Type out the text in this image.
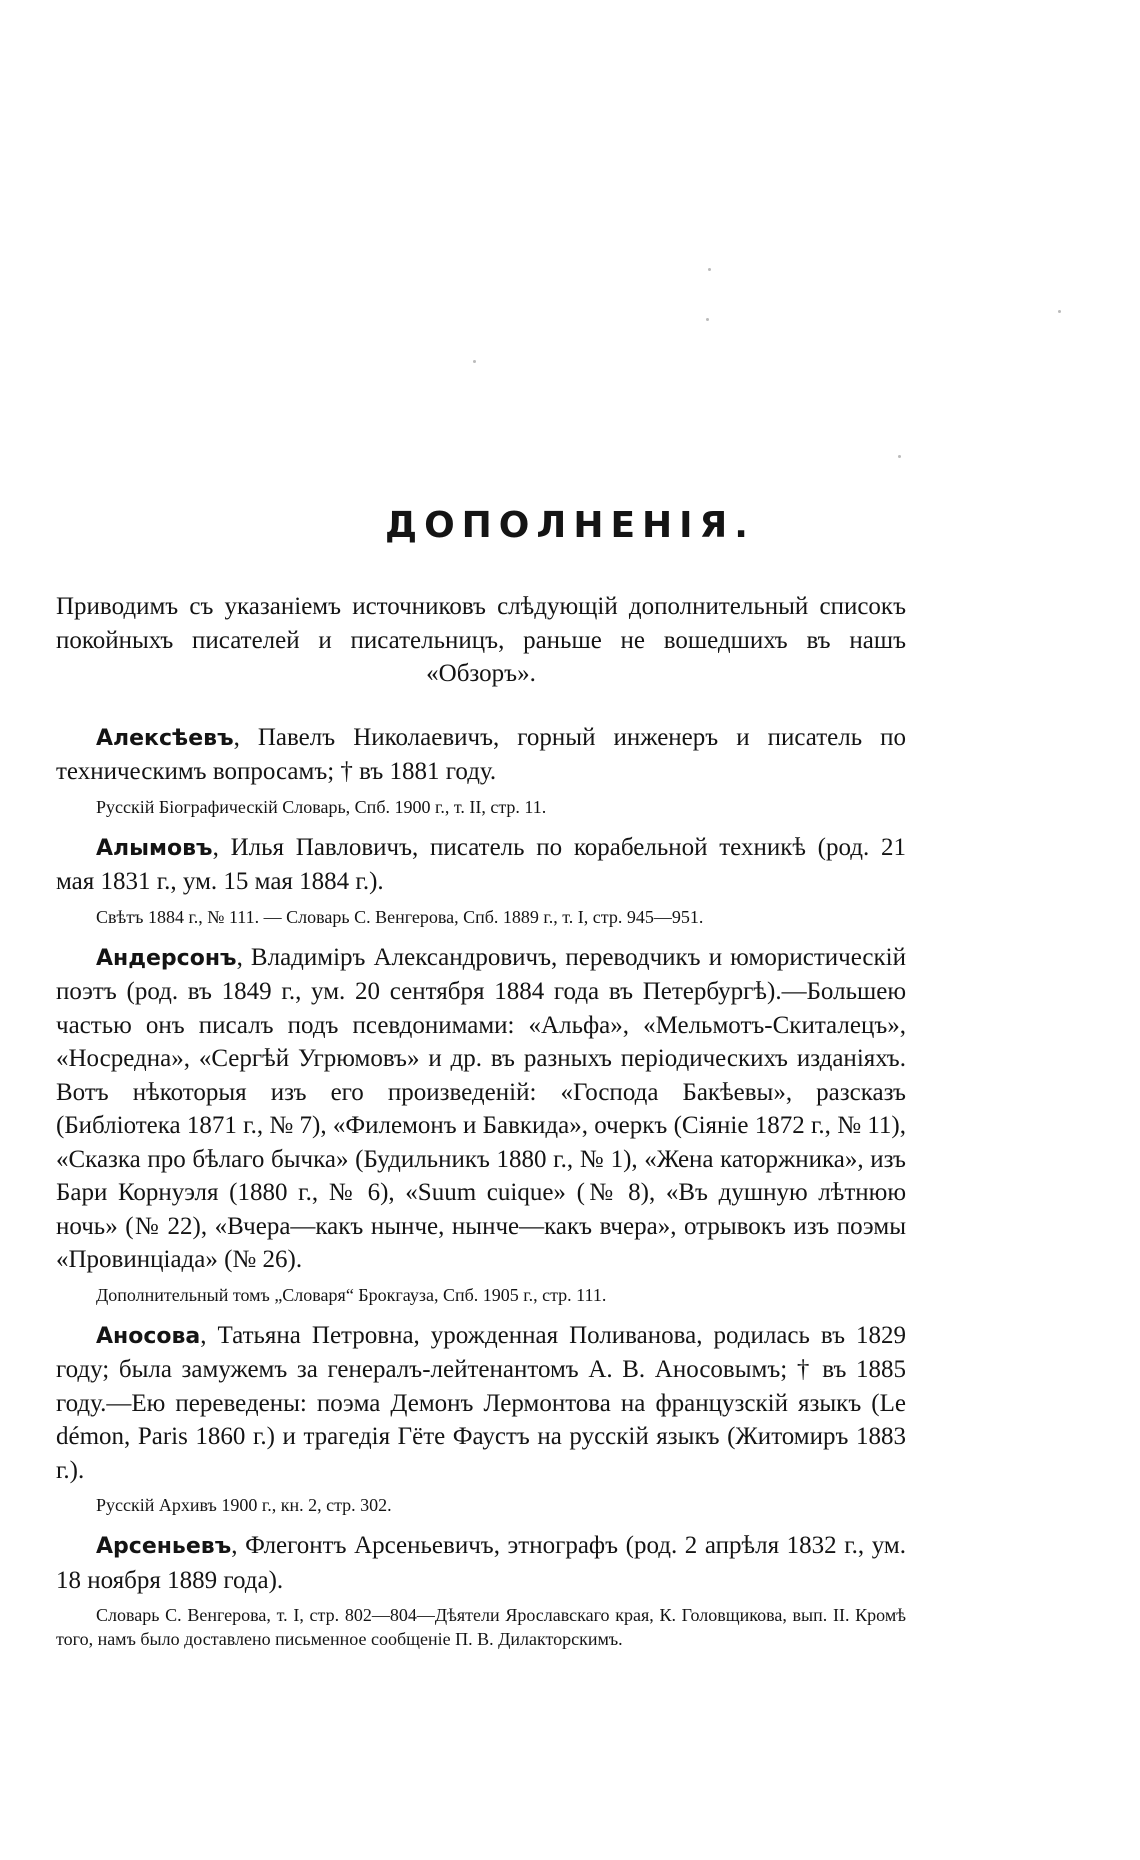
ДОПОЛНЕНІЯ.

Приводимъ съ указаніемъ источниковъ слѣдующій дополнительный списокъ покойныхъ писателей и писательницъ, раньше не вошедшихъ въ нашъ «Обзоръ».

Алексѣевъ, Павелъ Николаевичъ, горный инженеръ и писатель по техническимъ вопросамъ; † въ 1881 году.

Русскій Біографическій Словарь, Спб. 1900 г., т. II, стр. 11.

Алымовъ, Илья Павловичъ, писатель по корабельной техникѣ (род. 21 мая 1831 г., ум. 15 мая 1884 г.).

Свѣтъ 1884 г., № 111. — Словарь С. Венгерова, Спб. 1889 г., т. I, стр. 945—951.

Андерсонъ, Владиміръ Александровичъ, переводчикъ и юмористическій поэтъ (род. въ 1849 г., ум. 20 сентября 1884 года въ Петербургѣ).—Большею частью онъ писалъ подъ псевдонимами: «Альфа», «Мельмотъ-Скиталецъ», «Носредна», «Сергѣй Угрюмовъ» и др. въ разныхъ періодическихъ изданіяхъ. Вотъ нѣкоторыя изъ его произведеній: «Господа Бакѣевы», разсказъ (Библіотека 1871 г., № 7), «Филемонъ и Бавкида», очеркъ (Сіяніе 1872 г., № 11), «Сказка про бѣлаго бычка» (Будильникъ 1880 г., № 1), «Жена каторжника», изъ Бари Корнуэля (1880 г., № 6), «Suum cuique» (№ 8), «Въ душную лѣтнюю ночь» (№ 22), «Вчера—какъ нынче, нынче—какъ вчера», отрывокъ изъ поэмы «Провинціада» (№ 26).

Дополнительный томъ „Словаря“ Брокгауза, Спб. 1905 г., стр. 111.

Аносова, Татьяна Петровна, урожденная Поливанова, родилась въ 1829 году; была замужемъ за генералъ-лейтенантомъ А. В. Аносовымъ; † въ 1885 году.—Ею переведены: поэма Демонъ Лермонтова на французскій языкъ (Le démon, Paris 1860 г.) и трагедія Гёте Фаустъ на русскій языкъ (Житомиръ 1883 г.).

Русскій Архивъ 1900 г., кн. 2, стр. 302.

Арсеньевъ, Флегонтъ Арсеньевичъ, этнографъ (род. 2 апрѣля 1832 г., ум. 18 ноября 1889 года).

Словарь С. Венгерова, т. I, стр. 802—804—Дѣятели Ярославскаго края, К. Головщикова, вып. II. Кромѣ того, намъ было доставлено письменное сообщеніе П. В. Дилакторскимъ.
